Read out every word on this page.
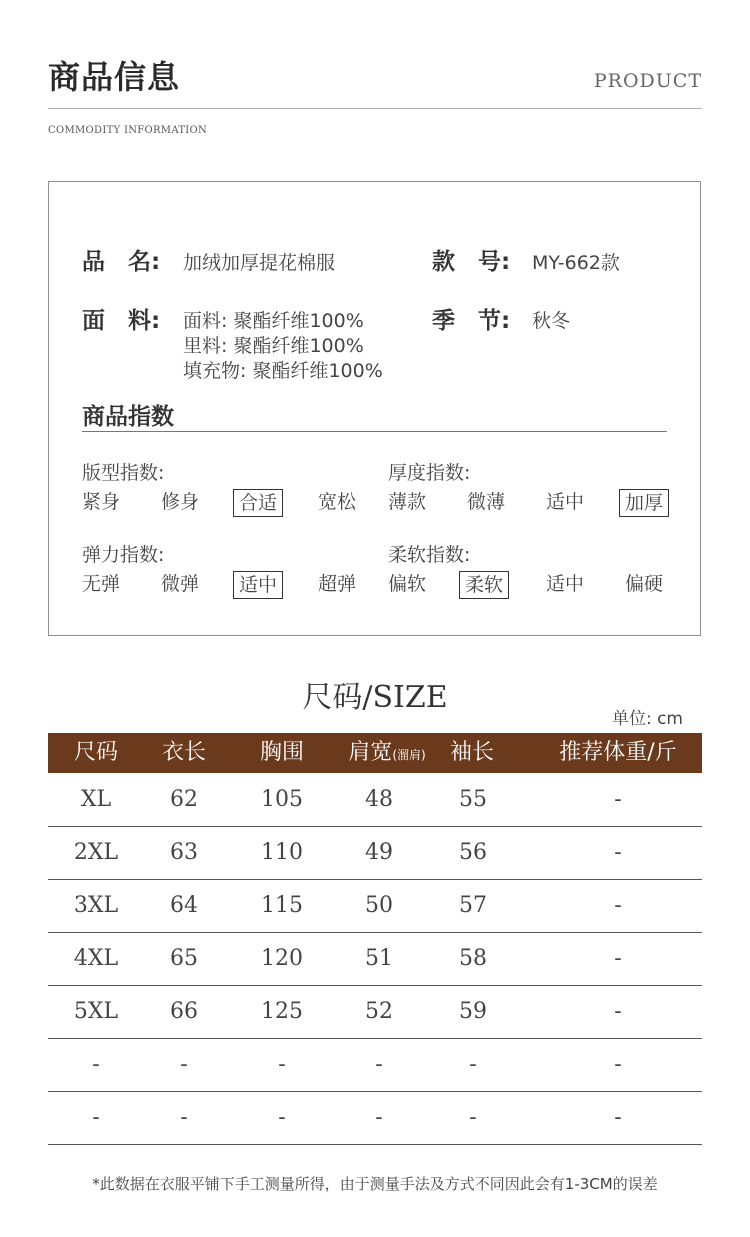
商品信息	PRODUCT
COMMODITY INFORMATION
品　名: 加绒加厚提花棉服	款　号: MY-662款
面　料: 面料: 聚酯纤维100%
里料: 聚酯纤维100%
填充物: 聚酯纤维100%
季　节: 秋冬
商品指数
版型指数:
紧身 修身	合适	宽松
厚度指数:
薄款 微薄 适中	加厚
弹力指数:
无弹 微弹	适中	超弹
柔软指数:
偏软	柔软	适中 偏硬
尺码/SIZE
单位: cm
尺码	衣长	胸围	肩宽(溜肩)	袖长	推荐体重/斤
XL	62	105	48	55	-
2XL	63	110	49	56	-
3XL	64	115	50	57	-
4XL	65	120	51	58	-
5XL	66	125	52	59	-
-	-	-	-	-	-
-	-	-	-	-	-
*此数据在衣服平铺下手工测量所得，由于测量手法及方式不同因此会有1-3CM的误差
